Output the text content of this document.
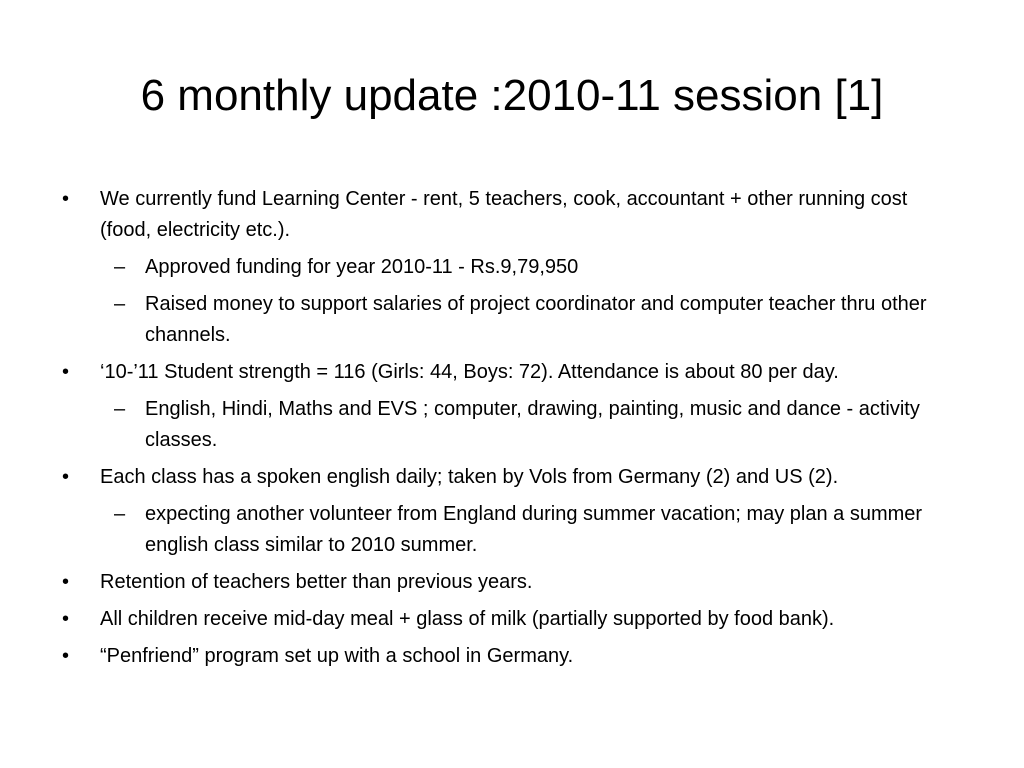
6 monthly update :2010-11 session [1]
•	We currently fund Learning Center - rent, 5 teachers, cook, accountant + other running cost (food, electricity etc.).
– Approved funding for year 2010-11 - Rs.9,79,950
– Raised money to support salaries of project coordinator and computer teacher thru other channels.
•	‘10-’11 Student strength = 116 (Girls: 44, Boys: 72). Attendance is about 80 per day.
– English, Hindi, Maths and EVS ; computer, drawing, painting, music and dance - activity classes.
•	Each class has a spoken english daily; taken by Vols from Germany (2) and US (2).
– expecting another volunteer from England during summer vacation; may plan a summer english class similar to 2010 summer.
•	Retention of teachers better than previous years.
•	All children receive mid-day meal + glass of milk (partially supported by food bank).
•	“Penfriend” program set up with a school in Germany.
